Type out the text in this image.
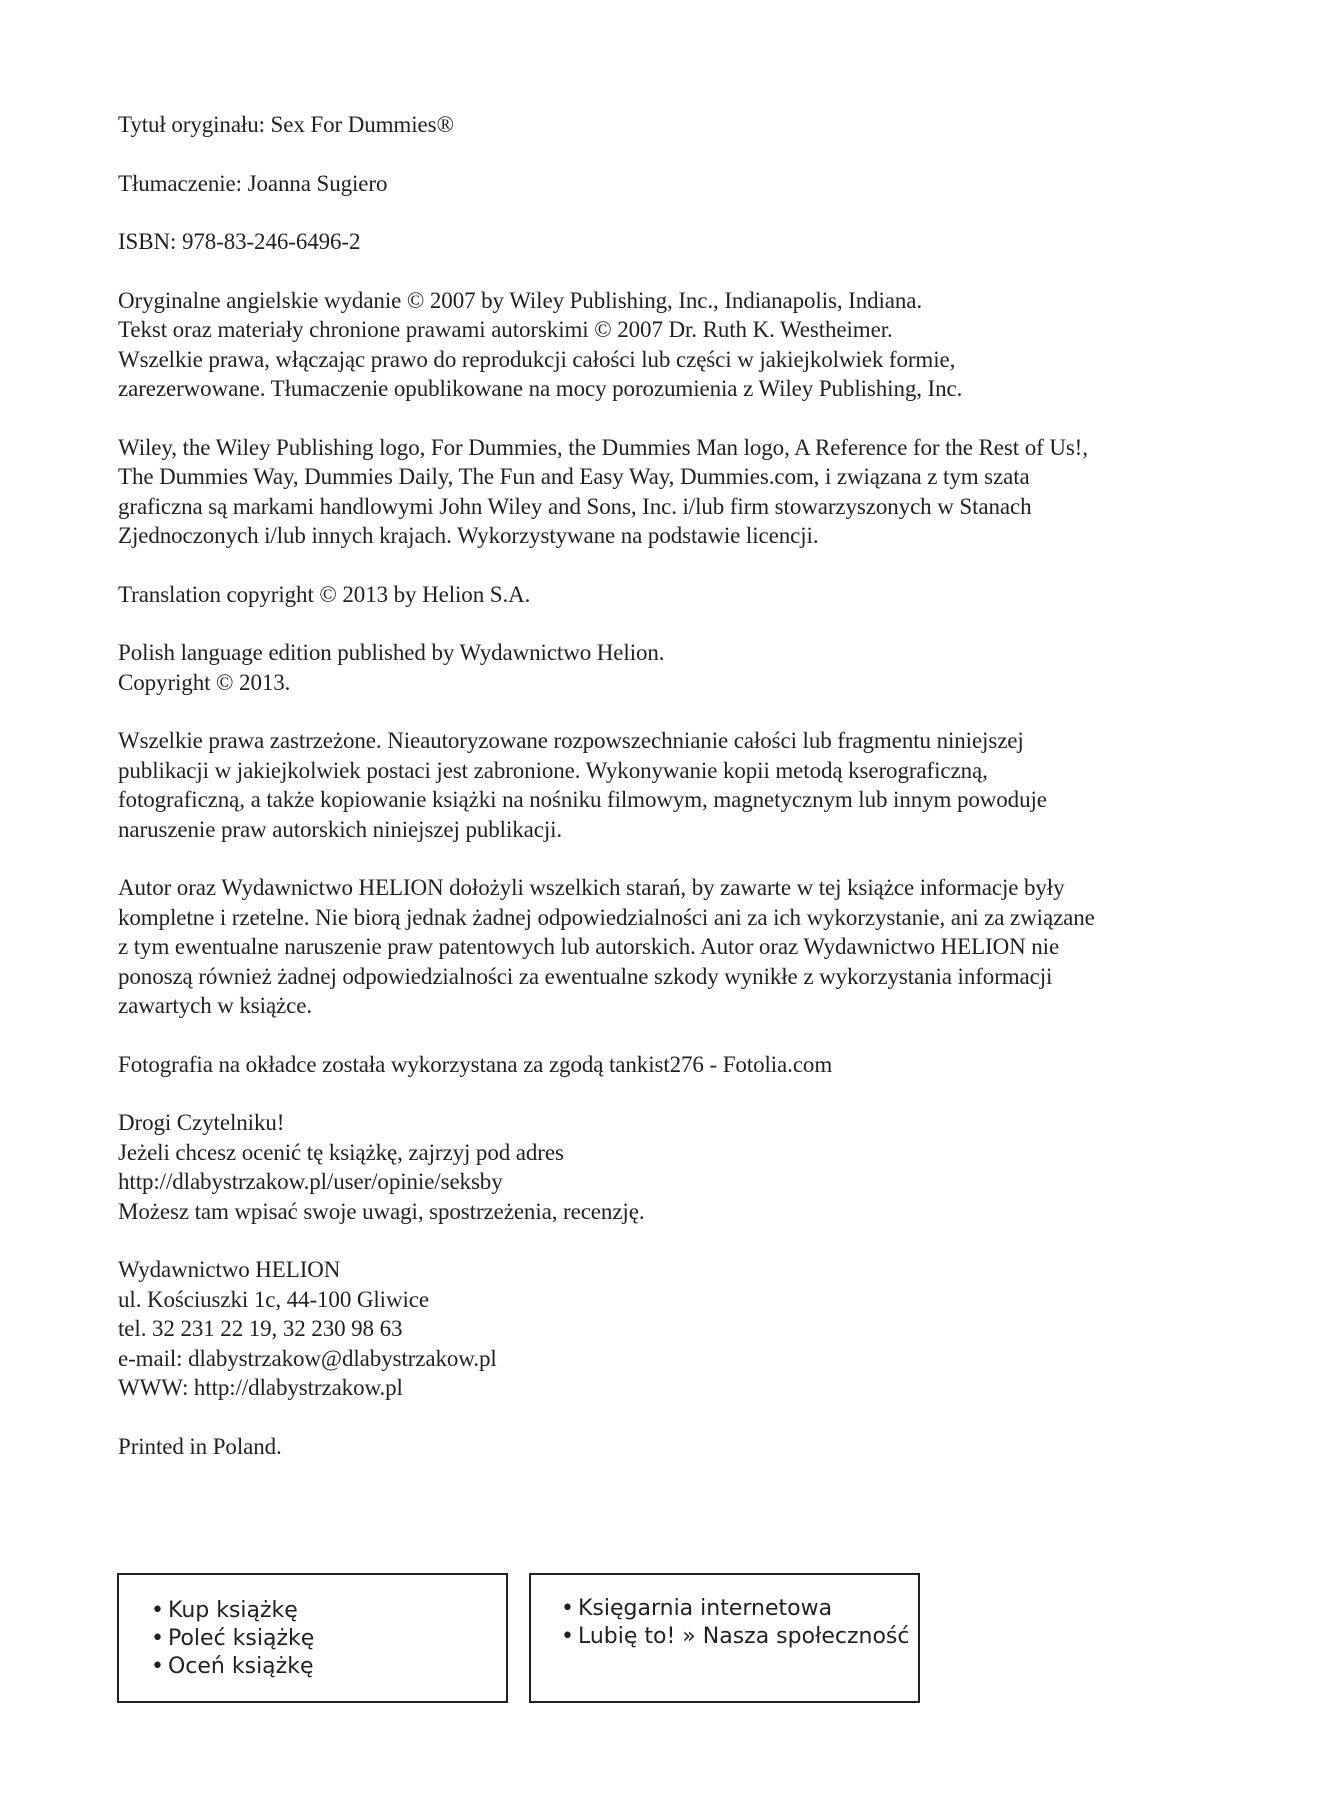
Tytuł oryginału: Sex For Dummies®

Tłumaczenie: Joanna Sugiero

ISBN: 978-83-246-6496-2

Oryginalne angielskie wydanie © 2007 by Wiley Publishing, Inc., Indianapolis, Indiana.
Tekst oraz materiały chronione prawami autorskimi © 2007 Dr. Ruth K. Westheimer.
Wszelkie prawa, włączając prawo do reprodukcji całości lub części w jakiejkolwiek formie,
zarezerwowane. Tłumaczenie opublikowane na mocy porozumienia z Wiley Publishing, Inc.

Wiley, the Wiley Publishing logo, For Dummies, the Dummies Man logo, A Reference for the Rest of Us!,
The Dummies Way, Dummies Daily, The Fun and Easy Way, Dummies.com, i związana z tym szata
graficzna są markami handlowymi John Wiley and Sons, Inc. i/lub firm stowarzyszonych w Stanach
Zjednoczonych i/lub innych krajach. Wykorzystywane na podstawie licencji.

Translation copyright © 2013 by Helion S.A.

Polish language edition published by Wydawnictwo Helion.
Copyright © 2013.

Wszelkie prawa zastrzeżone. Nieautoryzowane rozpowszechnianie całości lub fragmentu niniejszej
publikacji w jakiejkolwiek postaci jest zabronione. Wykonywanie kopii metodą kserograficzną,
fotograficzną, a także kopiowanie książki na nośniku filmowym, magnetycznym lub innym powoduje
naruszenie praw autorskich niniejszej publikacji.

Autor oraz Wydawnictwo HELION dołożyli wszelkich starań, by zawarte w tej książce informacje były
kompletne i rzetelne. Nie biorą jednak żadnej odpowiedzialności ani za ich wykorzystanie, ani za związane
z tym ewentualne naruszenie praw patentowych lub autorskich. Autor oraz Wydawnictwo HELION nie
ponoszą również żadnej odpowiedzialności za ewentualne szkody wynikłe z wykorzystania informacji
zawartych w książce.

Fotografia na okładce została wykorzystana za zgodą tankist276 - Fotolia.com

Drogi Czytelniku!
Jeżeli chcesz ocenić tę książkę, zajrzyj pod adres
http://dlabystrzakow.pl/user/opinie/seksby
Możesz tam wpisać swoje uwagi, spostrzeżenia, recenzję.

Wydawnictwo HELION
ul. Kościuszki 1c, 44-100 Gliwice
tel. 32 231 22 19, 32 230 98 63
e-mail: dlabystrzakow@dlabystrzakow.pl
WWW: http://dlabystrzakow.pl

Printed in Poland.

• Kup książkę
• Poleć książkę
• Oceń książkę
• Księgarnia internetowa
• Lubię to! » Nasza społeczność
